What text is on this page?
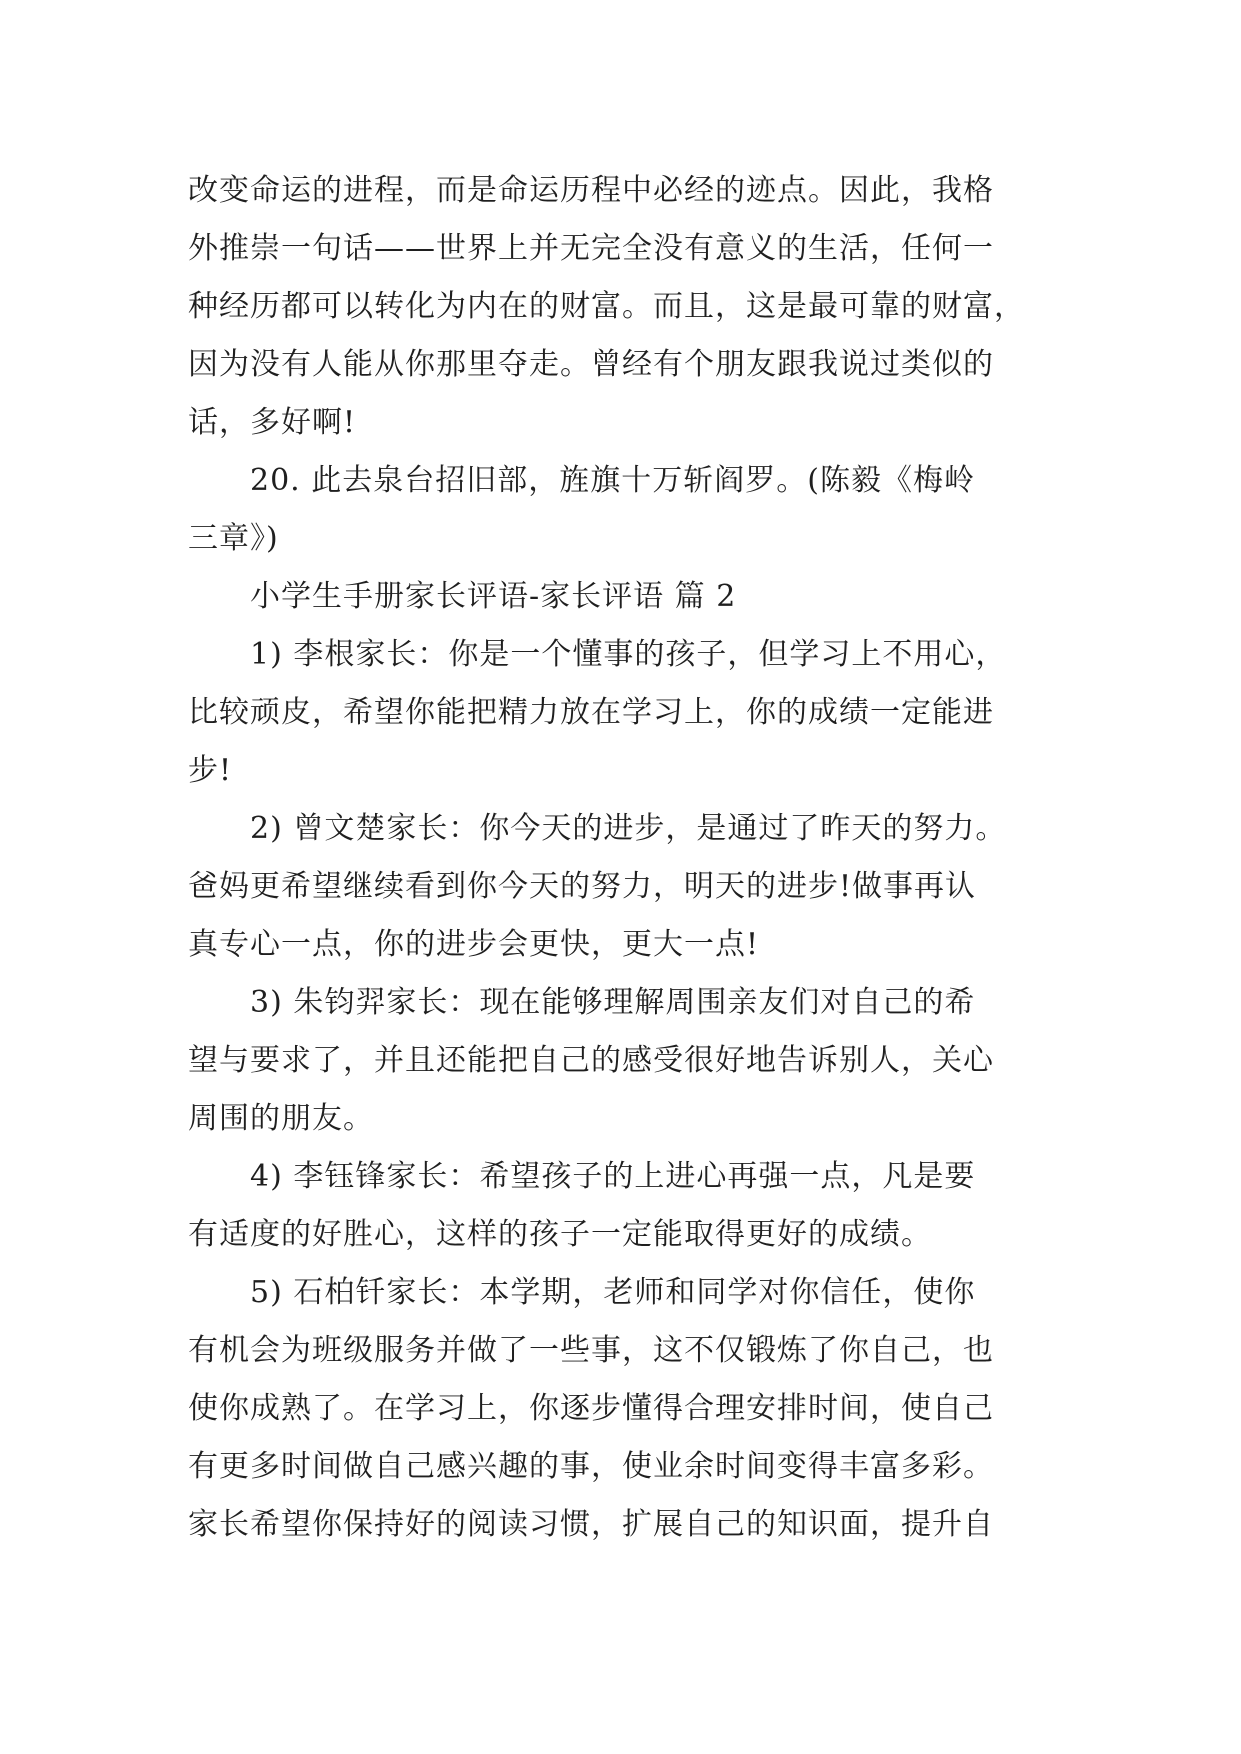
改变命运的进程，而是命运历程中必经的迹点。因此，我格
外推崇一句话——世界上并无完全没有意义的生活，任何一
种经历都可以转化为内在的财富。而且，这是最可靠的财富，
因为没有人能从你那里夺走。曾经有个朋友跟我说过类似的
话，多好啊!
20. 此去泉台招旧部，旌旗十万斩阎罗。(陈毅《梅岭
三章》)
小学生手册家长评语-家长评语 篇 2
1) 李根家长：你是一个懂事的孩子，但学习上不用心，
比较顽皮，希望你能把精力放在学习上，你的成绩一定能进
步!
2) 曾文楚家长：你今天的进步，是通过了昨天的努力。
爸妈更希望继续看到你今天的努力，明天的进步!做事再认
真专心一点，你的进步会更快，更大一点!
3) 朱钧羿家长：现在能够理解周围亲友们对自己的希
望与要求了，并且还能把自己的感受很好地告诉别人，关心
周围的朋友。
4) 李钰锋家长：希望孩子的上进心再强一点，凡是要
有适度的好胜心，这样的孩子一定能取得更好的成绩。
5) 石柏钎家长：本学期，老师和同学对你信任，使你
有机会为班级服务并做了一些事，这不仅锻炼了你自己，也
使你成熟了。在学习上，你逐步懂得合理安排时间，使自己
有更多时间做自己感兴趣的事，使业余时间变得丰富多彩。
家长希望你保持好的阅读习惯，扩展自己的知识面，提升自
